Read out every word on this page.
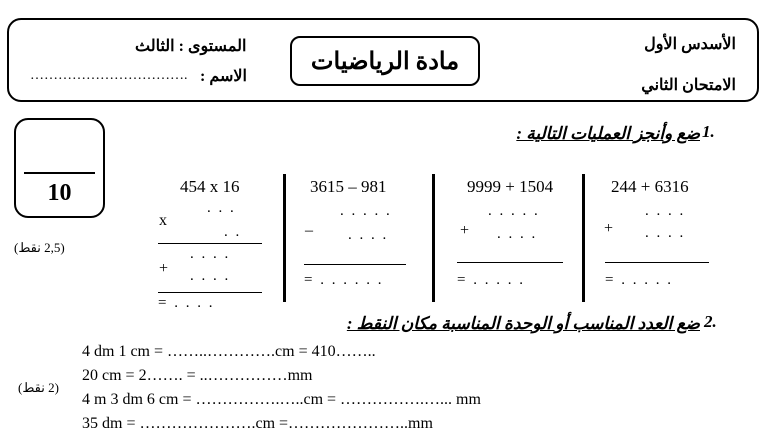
الأسدس الأول
الامتحان الثاني
مادة الرياضيات
المستوى : الثالث
الاسم :
…………………………….
10
1.
ضع وأنجز العمليات التالية :
(2,5 نقط)
244 + 6316
. . . .
+ . . . .
= . . . . .
9999 + 1504
. . . . .
+ . . . .
= . . . . .
3615 – 981
. . . . .
– . . . .
= . . . . . .
454 x 16
. . .
x
. .
. . . .
+ . . . .
= . . . .
2.
ضع العدد المناسب أو الوحدة المناسبة مكان النقط :
(2 نقط)
4 dm 1 cm = ……..………….cm = 410……..
20 cm = 2……. = ..……………mm
4 m 3 dm 6 cm = …………….…..cm = …………….…... mm
35 dm = ………………….cm =…………………..mm
